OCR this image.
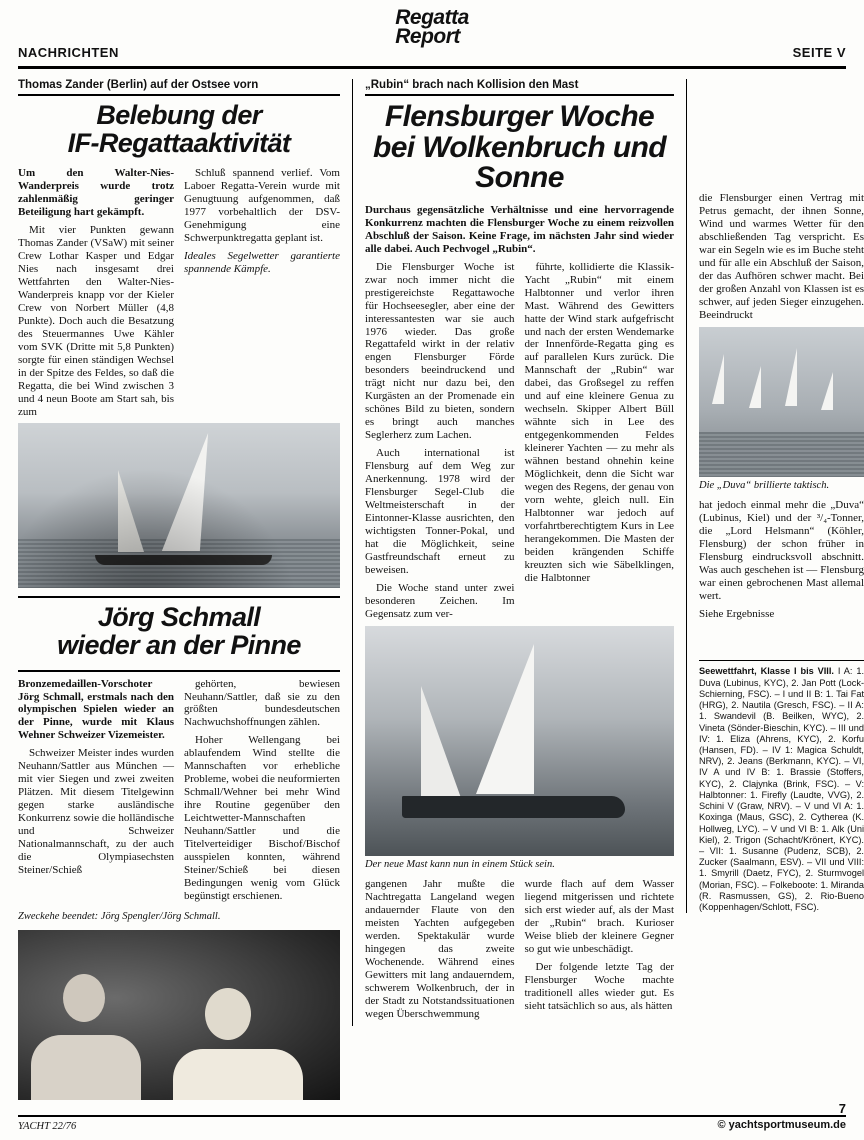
NACHRICHTEN
Regatta
Report
SEITE V
Thomas Zander (Berlin) auf der Ostsee vorn
Belebung der
IF-Regattaaktivität

Um den Walter-Nies-Wanderpreis wurde trotz zahlenmäßig geringer Beteiligung hart gekämpft.

Mit vier Punkten gewann Thomas Zander (VSaW) mit seiner Crew Lothar Kasper und Edgar Nies nach insgesamt drei Wettfahrten den Walter-Nies-Wanderpreis knapp vor der Kieler Crew von Norbert Müller (4,8 Punkte). Doch auch die Besatzung des Steuermannes Uwe Kähler vom SVK (Dritte mit 5,8 Punkten) sorgte für einen ständigen Wechsel in der Spitze des Feldes, so daß die Regatta, die bei Wind zwischen 3 und 4 neun Boote am Start sah, bis zum

Schluß spannend verlief. Vom Laboer Regatta-Verein wurde mit Genugtuung aufgenommen, daß 1977 vorbehaltlich der DSV-Genehmigung eine Schwerpunktregatta geplant ist.

Ideales Segelwetter garantierte spannende Kämpfe.

Jörg Schmall
wieder an der Pinne

Bronzemedaillen-Vorschoter Jörg Schmall, erstmals nach den olympischen Spielen wieder an der Pinne, wurde mit Klaus Wehner Schweizer Vizemeister.

Schweizer Meister indes wurden Neuhann/Sattler aus München — mit vier Siegen und zwei zweiten Plätzen. Mit diesem Titelgewinn gegen starke ausländische Konkurrenz sowie die holländische und Schweizer Nationalmannschaft, zu der auch die Olympiasechsten Steiner/Schieß

gehörten, bewiesen Neuhann/Sattler, daß sie zu den größten bundesdeutschen Nachwuchshoffnungen zählen.

Hoher Wellengang bei ablaufendem Wind stellte die Mannschaften vor erhebliche Probleme, wobei die neuformierten Schmall/Wehner bei mehr Wind ihre Routine gegenüber den Leichtwetter-Mannschaften Neuhann/Sattler und die Titelverteidiger Bischof/Bischof ausspielen konnten, während Steiner/Schieß bei diesen Bedingungen wenig vom Glück begünstigt erschienen.

Zweckehe beendet: Jörg Spengler/Jörg Schmall.
„Rubin“ brach nach Kollision den Mast
Flensburger Woche
bei Wolkenbruch und Sonne

Durchaus gegensätzliche Verhältnisse und eine hervorragende Konkurrenz machten die Flensburger Woche zu einem reizvollen Abschluß der Saison. Keine Frage, im nächsten Jahr sind wieder alle dabei. Auch Pechvogel „Rubin“.

Die Flensburger Woche ist zwar noch immer nicht die prestigereichste Regattawoche für Hochseesegler, aber eine der interessantesten war sie auch 1976 wieder. Das große Regattafeld wirkt in der relativ engen Flensburger Förde besonders beeindruckend und trägt nicht nur dazu bei, den Kurgästen an der Promenade ein schönes Bild zu bieten, sondern es bringt auch manches Seglerherz zum Lachen.

Auch international ist Flensburg auf dem Weg zur Anerkennung. 1978 wird der Flensburger Segel-Club die Weltmeisterschaft in der Eintonner-Klasse ausrichten, den wichtigsten Tonner-Pokal, und hat die Möglichkeit, seine Gastfreundschaft erneut zu beweisen.

Die Woche stand unter zwei besonderen Zeichen. Im Gegensatz zum ver-

führte, kollidierte die Klassik-Yacht „Rubin“ mit einem Halbtonner und verlor ihren Mast. Während des Gewitters hatte der Wind stark aufgefrischt und nach der ersten Wendemarke der Innenförde-Regatta ging es auf parallelen Kurs zurück. Die Mannschaft der „Rubin“ war dabei, das Großsegel zu reffen und auf eine kleinere Genua zu wechseln. Skipper Albert Büll wähnte sich in Lee des entgegenkommenden Feldes kleinerer Yachten — zu mehr als wähnen bestand ohnehin keine Möglichkeit, denn die Sicht war wegen des Regens, der genau von vorn wehte, gleich null. Ein Halbtonner war jedoch auf vorfahrtberechtigtem Kurs in Lee herangekommen. Die Masten der beiden krängenden Schiffe kreuzten sich wie Säbelklingen, die Halbtonner

Der neue Mast kann nun in einem Stück sein.

gangenen Jahr mußte die Nachtregatta Langeland wegen andauernder Flaute von den meisten Yachten aufgegeben werden. Spektakulär wurde hingegen das zweite Wochenende. Während eines Gewitters mit lang andauerndem, schwerem Wolkenbruch, der in der Stadt zu Notstandssituationen wegen Überschwemmung

wurde flach auf dem Wasser liegend mitgerissen und richtete sich erst wieder auf, als der Mast der „Rubin“ brach. Kurioser Weise blieb der kleinere Gegner so gut wie unbeschädigt.

Der folgende letzte Tag der Flensburger Woche machte traditionell alles wieder gut. Es sieht tatsächlich so aus, als hätten

die Flensburger einen Vertrag mit Petrus gemacht, der ihnen Sonne, Wind und warmes Wetter für den abschließenden Tag verspricht. Es war ein Segeln wie es im Buche steht und für alle ein Abschluß der Saison, der das Aufhören schwer macht. Bei der großen Anzahl von Klassen ist es schwer, auf jeden Sieger einzugehen. Beeindruckt

Die „Duva“ brillierte taktisch.

hat jedoch einmal mehr die „Duva“ (Lubinus, Kiel) und der ³/₄-Tonner, die „Lord Helsmann“ (Köhler, Flensburg) der schon früher in Flensburg eindrucksvoll abschnitt. Was auch geschehen ist — Flensburg war einen gebrochenen Mast allemal wert.

Siehe Ergebnisse

Seewettfahrt, Klasse I bis VIII. I A: 1. Duva (Lubinus, KYC), 2. Jan Pott (Lock-Schierning, FSC). – I und II B: 1. Tai Fat (HRG), 2. Nautila (Gresch, FSC). – II A: 1. Swandevil (B. Beilken, WYC), 2. Vineta (Sönder-Bieschin, KYC). – III und IV: 1. Eliza (Ahrens, KYC), 2. Korfu (Hansen, FD). – IV 1: Magica Schuldt, NRV), 2. Jeans (Berkmann, KYC). – VI, IV A und IV B: 1. Brassie (Stoffers, KYC), 2. Clajynka (Brink, FSC). – V: Halbtonner: 1. Firefly (Laudte, VVG), 2. Schini V (Graw, NRV). – V und VI A: 1. Koxinga (Maus, GSC), 2. Cytherea (K. Hollweg, LYC). – V und VI B: 1. Alk (Uni Kiel), 2. Trigon (Schacht/Krönert, KYC). – VII: 1. Susanne (Pudenz, SCB), 2. Zucker (Saalmann, ESV). – VII und VIII: 1. Smyrill (Daetz, FYC), 2. Sturmvogel (Morian, FSC). – Folkeboote: 1. Miranda (R. Rasmussen, GS), 2. Rio-Bueno (Koppenhagen/Schlott, FSC).
7
YACHT 22/76	© yachtsportmuseum.de
